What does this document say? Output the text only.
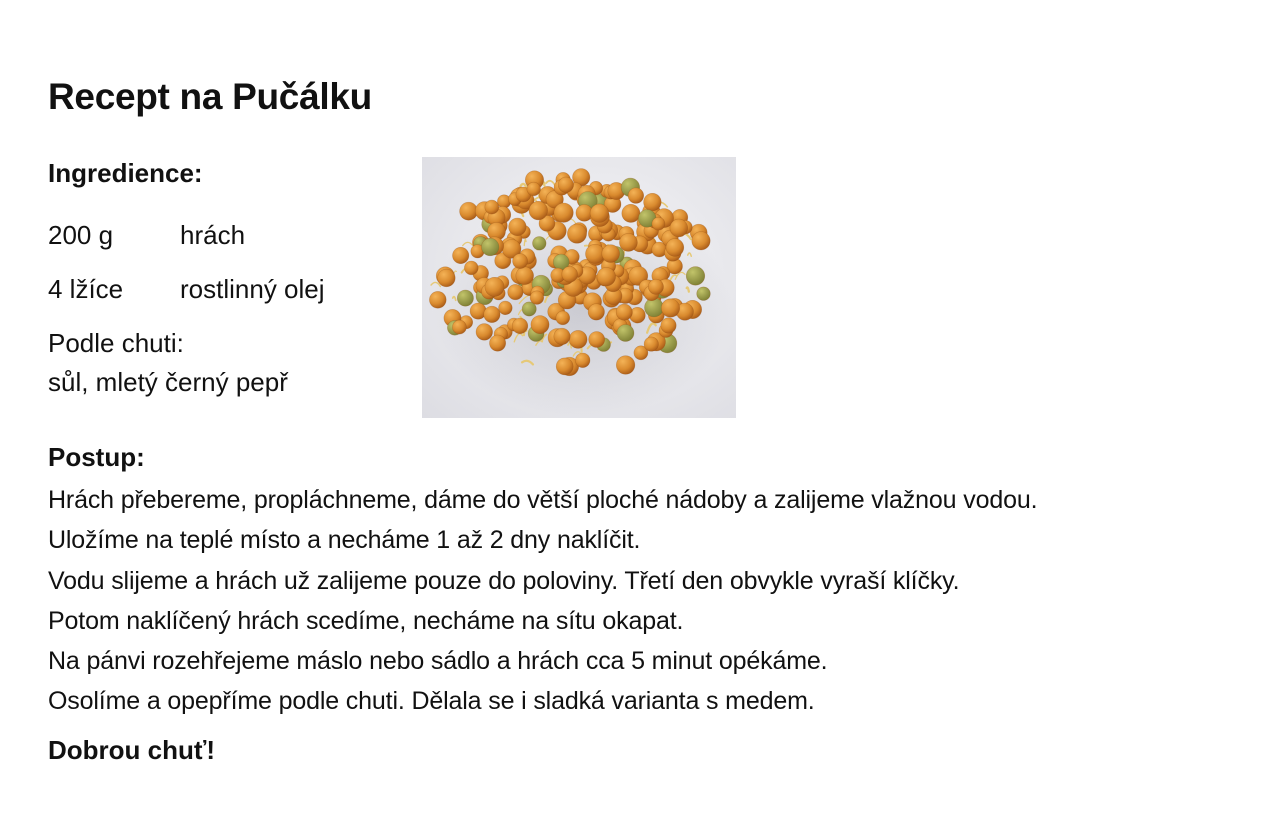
Recept na Pučálku
Ingredience:
200 g	hrách
4 lžíce rostlinný olej
Podle chuti:
sůl, mletý černý pepř
Postup:
Hrách přebereme, propláchneme, dáme do větší ploché nádoby a zalijeme vlažnou vodou.
Uložíme na teplé místo a necháme 1 až 2 dny naklíčit.
Vodu slijeme a hrách už zalijeme pouze do poloviny. Třetí den obvykle vyraší klíčky.
Potom naklíčený hrách scedíme, necháme na sítu okapat.
Na pánvi rozehřejeme máslo nebo sádlo a hrách cca 5 minut opékáme.
Osolíme a opepříme podle chuti. Dělala se i sladká varianta s medem.
Dobrou chuť!
